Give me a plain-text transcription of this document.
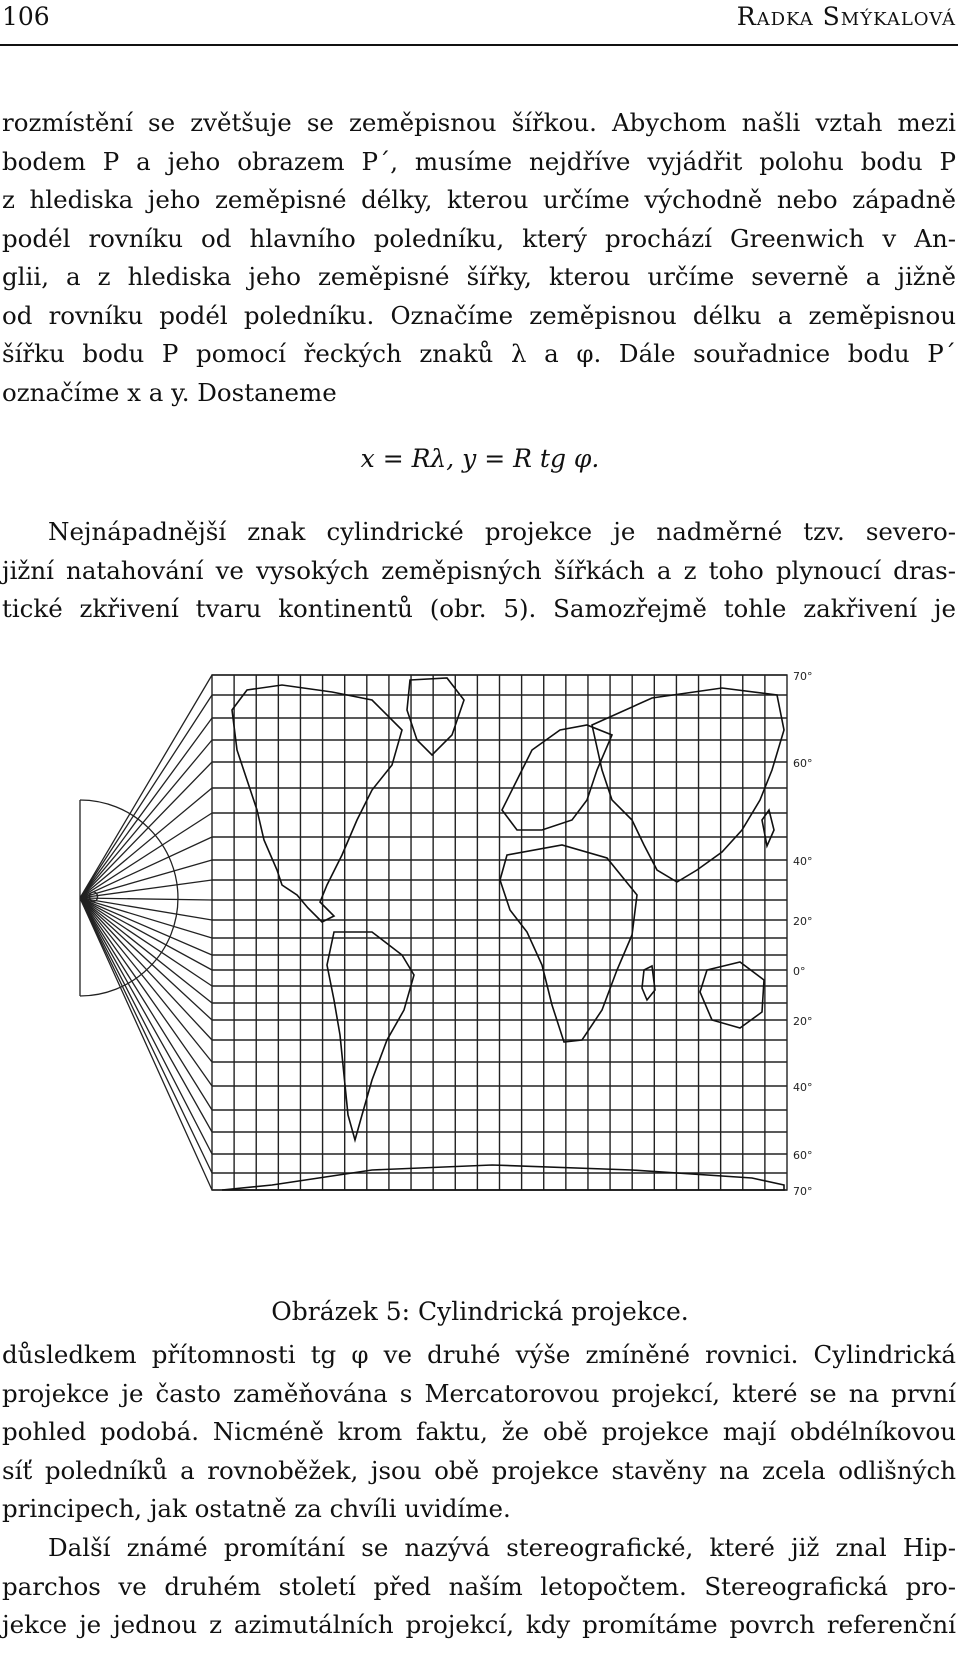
106	Radka Smýkalová
rozmístění se zvětšuje se zeměpisnou šířkou. Abychom našli vztah mezi
bodem P a jeho obrazem P´, musíme nejdříve vyjádřit polohu bodu P
z hlediska jeho zeměpisné délky, kterou určíme východně nebo západně
podél rovníku od hlavního poledníku, který prochází Greenwich v An-
glii, a z hlediska jeho zeměpisné šířky, kterou určíme severně a jižně
od rovníku podél poledníku. Označíme zeměpisnou délku a zeměpisnou
šířku bodu P pomocí řeckých znaků λ a φ. Dále souřadnice bodu P´
označíme x a y. Dostaneme
x = Rλ, y = R tg φ.
Nejnápadnější znak cylindrické projekce je nadměrné tzv. severo-
jižní natahování ve vysokých zeměpisných šířkách a z toho plynoucí dras-
tické zkřivení tvaru kontinentů (obr. 5). Samozřejmě tohle zakřivení je
O
70°
60°
40°
20°
0°
20°
40°
60°
70°
Obrázek 5: Cylindrická projekce.
důsledkem přítomnosti tg φ ve druhé výše zmíněné rovnici. Cylindrická
projekce je často zaměňována s Mercatorovou projekcí, které se na první
pohled podobá. Nicméně krom faktu, že obě projekce mají obdélníkovou
síť poledníků a rovnoběžek, jsou obě projekce stavěny na zcela odlišných
principech, jak ostatně za chvíli uvidíme.
Další známé promítání se nazývá stereografické, které již znal Hip-
parchos ve druhém století před naším letopočtem. Stereografická pro-
jekce je jednou z azimutálních projekcí, kdy promítáme povrch referenční
